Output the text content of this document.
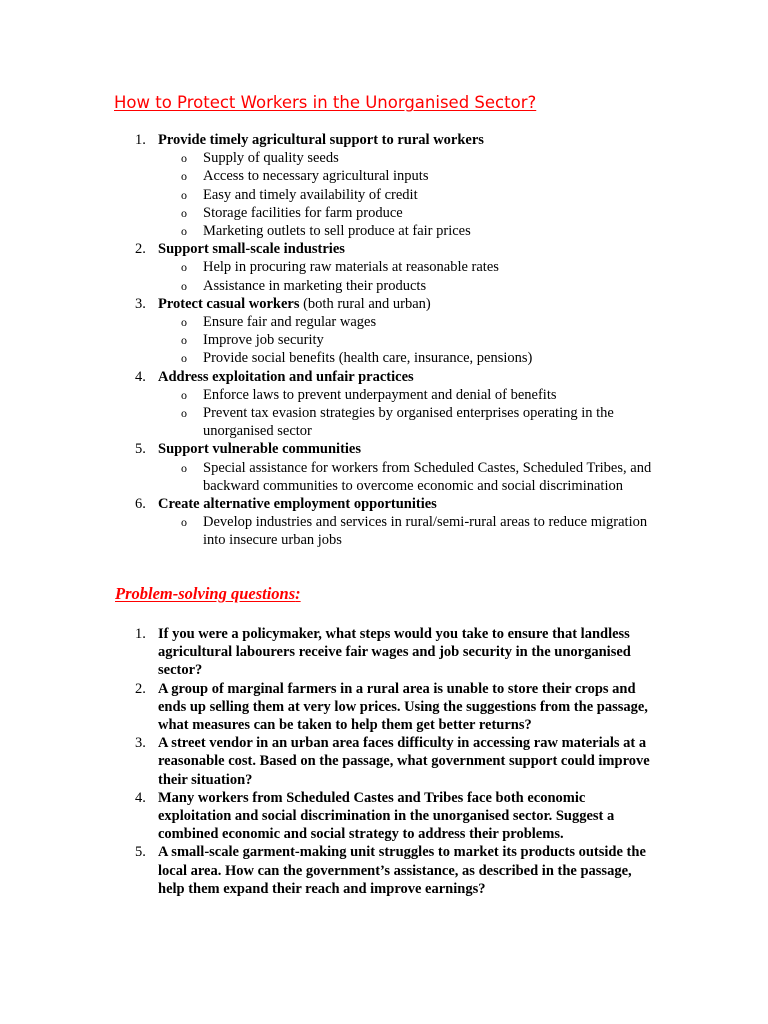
How to Protect Workers in the Unorganised Sector?
1. Provide timely agricultural support to rural workers
o Supply of quality seeds
o Access to necessary agricultural inputs
o Easy and timely availability of credit
o Storage facilities for farm produce
o Marketing outlets to sell produce at fair prices
2. Support small-scale industries
o Help in procuring raw materials at reasonable rates
o Assistance in marketing their products
3. Protect casual workers (both rural and urban)
o Ensure fair and regular wages
o Improve job security
o Provide social benefits (health care, insurance, pensions)
4. Address exploitation and unfair practices
o Enforce laws to prevent underpayment and denial of benefits
o Prevent tax evasion strategies by organised enterprises operating in the unorganised sector
5. Support vulnerable communities
o Special assistance for workers from Scheduled Castes, Scheduled Tribes, and backward communities to overcome economic and social discrimination
6. Create alternative employment opportunities
o Develop industries and services in rural/semi-rural areas to reduce migration into insecure urban jobs
Problem-solving questions:
1. If you were a policymaker, what steps would you take to ensure that landless agricultural labourers receive fair wages and job security in the unorganised sector?
2. A group of marginal farmers in a rural area is unable to store their crops and ends up selling them at very low prices. Using the suggestions from the passage, what measures can be taken to help them get better returns?
3. A street vendor in an urban area faces difficulty in accessing raw materials at a reasonable cost. Based on the passage, what government support could improve their situation?
4. Many workers from Scheduled Castes and Tribes face both economic exploitation and social discrimination in the unorganised sector. Suggest a combined economic and social strategy to address their problems.
5. A small-scale garment-making unit struggles to market its products outside the local area. How can the government’s assistance, as described in the passage, help them expand their reach and improve earnings?
